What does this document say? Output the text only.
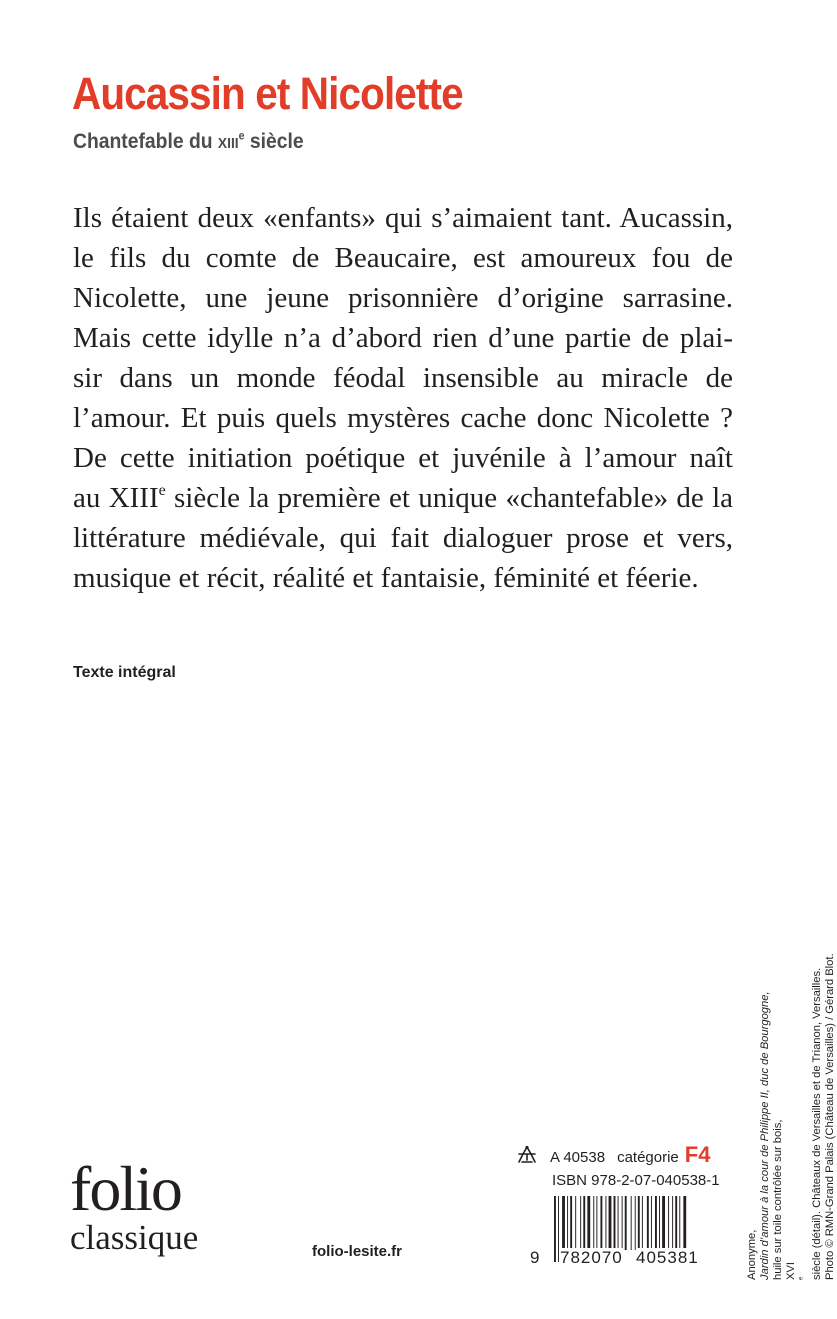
Aucassin et Nicolette

Chantefable du XIIIe siècle

Ils étaient deux «enfants» qui s’aimaient tant. Aucassin,
le fils du comte de Beaucaire, est amoureux fou de
Nicolette, une jeune prisonnière d’origine sarrasine.
Mais cette idylle n’a d’abord rien d’une partie de plai-
sir dans un monde féodal insensible au miracle de
l’amour. Et puis quels mystères cache donc Nicolette ?
De cette initiation poétique et juvénile à l’amour naît
au XIIIe siècle la première et unique «chantefable» de la
littérature médiévale, qui fait dialoguer prose et vers,
musique et récit, réalité et fantaisie, féminité et féerie.
Texte intégral
folio
classique	folio-lesite.fr
A 40538 catégorie F4
ISBN 978-2-07-040538-1
9 782070 405381	Anonyme, Jardin d’amour à la cour de Philippe II, duc de Bourgogne, huile sur toile contrôlée sur bois, XVI $^e$ siècle (détail). Châteaux de Versailles et de Trianon, Versailles. Photo © RMN-Grand Palais (Château de Versailles) / Gérard Blot.
